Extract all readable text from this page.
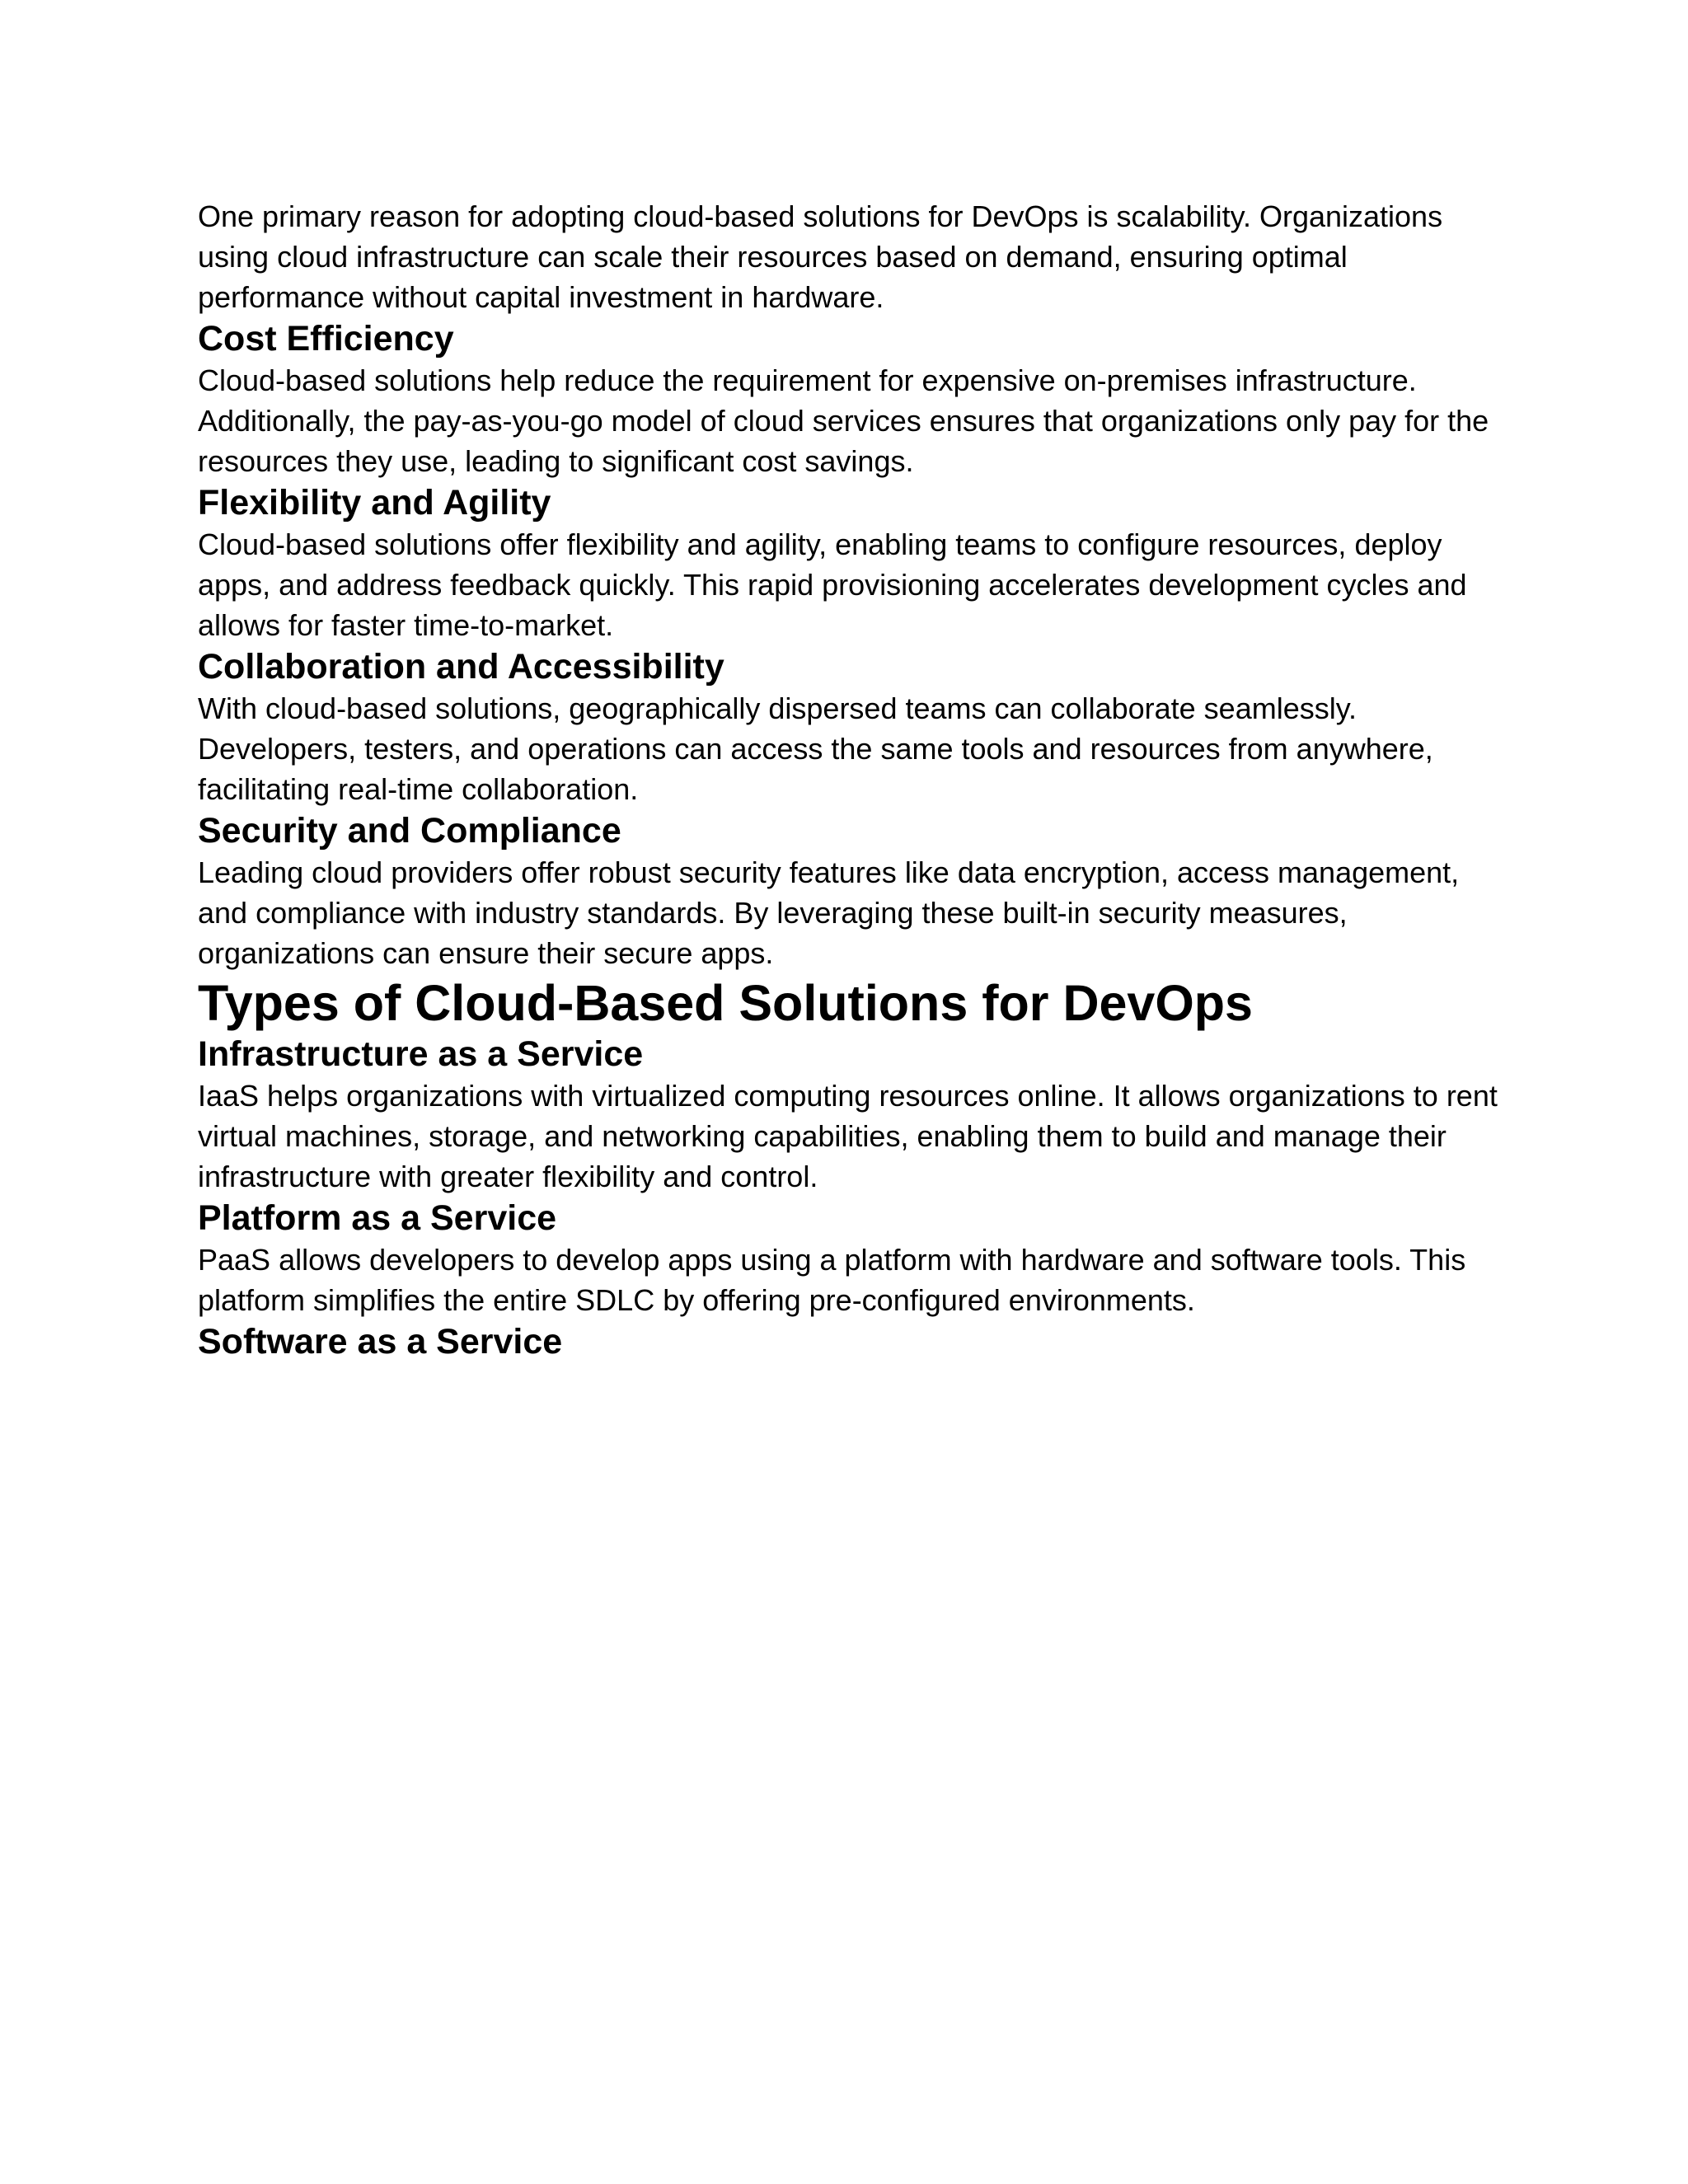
One primary reason for adopting cloud-based solutions for DevOps is scalability. Organizations using cloud infrastructure can scale their resources based on demand, ensuring optimal performance without capital investment in hardware.

Cost Efficiency

Cloud-based solutions help reduce the requirement for expensive on-premises infrastructure. Additionally, the pay-as-you-go model of cloud services ensures that organizations only pay for the resources they use, leading to significant cost savings.

Flexibility and Agility

Cloud-based solutions offer flexibility and agility, enabling teams to configure resources, deploy apps, and address feedback quickly. This rapid provisioning accelerates development cycles and allows for faster time-to-market.

Collaboration and Accessibility

With cloud-based solutions, geographically dispersed teams can collaborate seamlessly. Developers, testers, and operations can access the same tools and resources from anywhere, facilitating real-time collaboration.

Security and Compliance

Leading cloud providers offer robust security features like data encryption, access management, and compliance with industry standards. By leveraging these built-in security measures, organizations can ensure their secure apps.

Types of Cloud-Based Solutions for DevOps
Infrastructure as a Service

IaaS helps organizations with virtualized computing resources online. It allows organizations to rent virtual machines, storage, and networking capabilities, enabling them to build and manage their infrastructure with greater flexibility and control.

Platform as a Service

PaaS allows developers to develop apps using a platform with hardware and software tools. This platform simplifies the entire SDLC by offering pre-configured environments.

Software as a Service
